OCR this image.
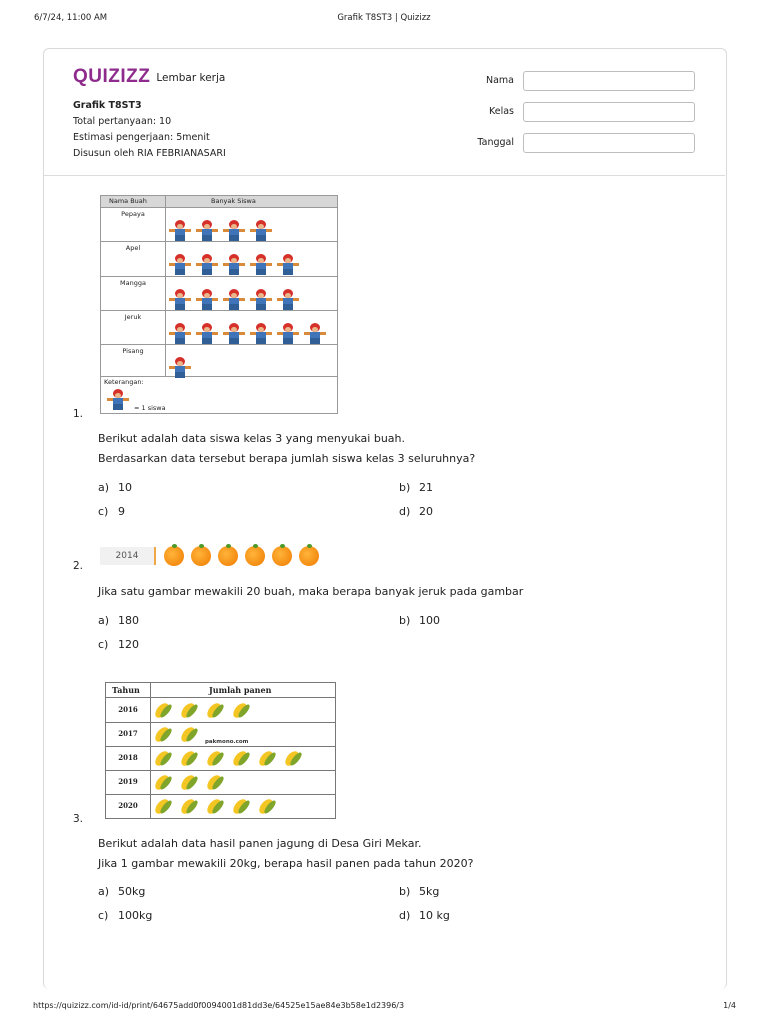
6/7/24, 11:00 AM	Grafik T8ST3 | Quizizz
QUIZIZZ Lembar kerja
Grafik T8ST3
Total pertanyaan: 10
Estimasi pengerjaan: 5menit
Disusun oleh RIA FEBRIANASARI
Nama
Kelas
Tanggal
Nama Buah	Banyak Siswa
Pepaya
Apel
Mangga
Jeruk
Pisang
Keterangan:
= 1 siswa
1.
Berikut adalah data siswa kelas 3 yang menyukai buah.
Berdasarkan data tersebut berapa jumlah siswa kelas 3 seluruhnya?
a) 10	b) 21
c) 9	d) 20
2014
2.
Jika satu gambar mewakili 20 buah, maka berapa banyak jeruk pada gambar
a) 180	b) 100
c) 120
Tahun	Jumlah panen
2016
2017
2018
2019
2020
pakmono.com
3.
Berikut adalah data hasil panen jagung di Desa Giri Mekar.
Jika 1 gambar mewakili 20kg, berapa hasil panen pada tahun 2020?
a) 50kg	b) 5kg
c) 100kg	d) 10 kg
https://quizizz.com/id-id/print/64675add0f0094001d81dd3e/64525e15ae84e3b58e1d2396/3	1/4
